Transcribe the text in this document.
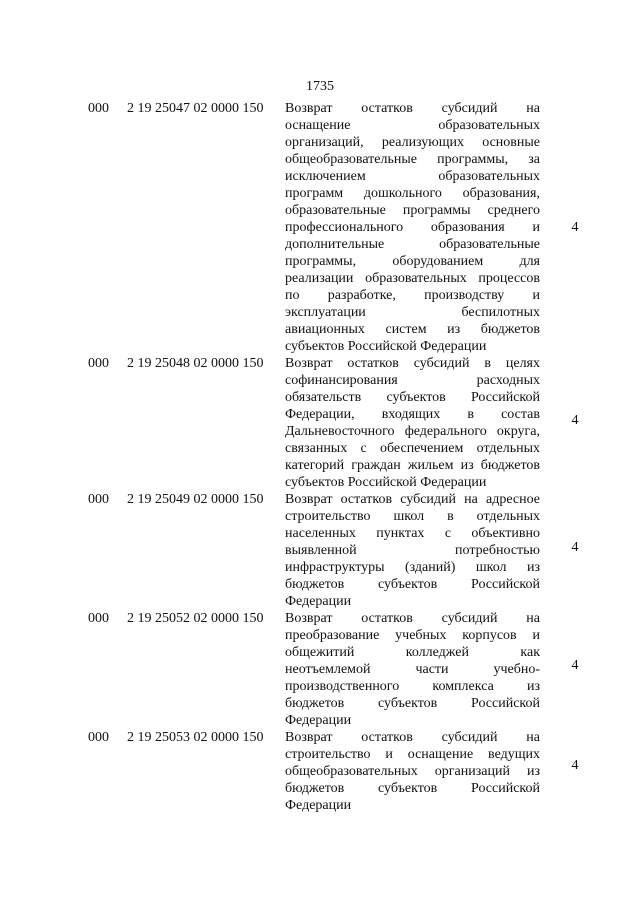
1735
000 2 19 25047 02 0000 150 Возврат остатков субсидий на
оснащение образовательных
организаций, реализующих основные
общеобразовательные программы, за
исключением образовательных
программ дошкольного образования,
образовательные программы среднего
профессионального образования и
дополнительные образовательные
программы, оборудованием для
реализации образовательных процессов
по разработке, производству и
эксплуатации беспилотных
авиационных систем из бюджетов
субъектов Российской Федерации
4
000 2 19 25048 02 0000 150 Возврат остатков субсидий в целях
софинансирования расходных
обязательств субъектов Российской
Федерации, входящих в состав
Дальневосточного федерального округа,
связанных с обеспечением отдельных
категорий граждан жильем из бюджетов
субъектов Российской Федерации
4
000 2 19 25049 02 0000 150 Возврат остатков субсидий на адресное
строительство школ в отдельных
населенных пунктах с объективно
выявленной потребностью
инфраструктуры (зданий) школ из
бюджетов субъектов Российской
Федерации
4
000 2 19 25052 02 0000 150 Возврат остатков субсидий на
преобразование учебных корпусов и
общежитий колледжей как
неотъемлемой части учебно-
производственного комплекса из
бюджетов субъектов Российской
Федерации
4
000 2 19 25053 02 0000 150 Возврат остатков субсидий на
строительство и оснащение ведущих
общеобразовательных организаций из
бюджетов субъектов Российской
Федерации
4
